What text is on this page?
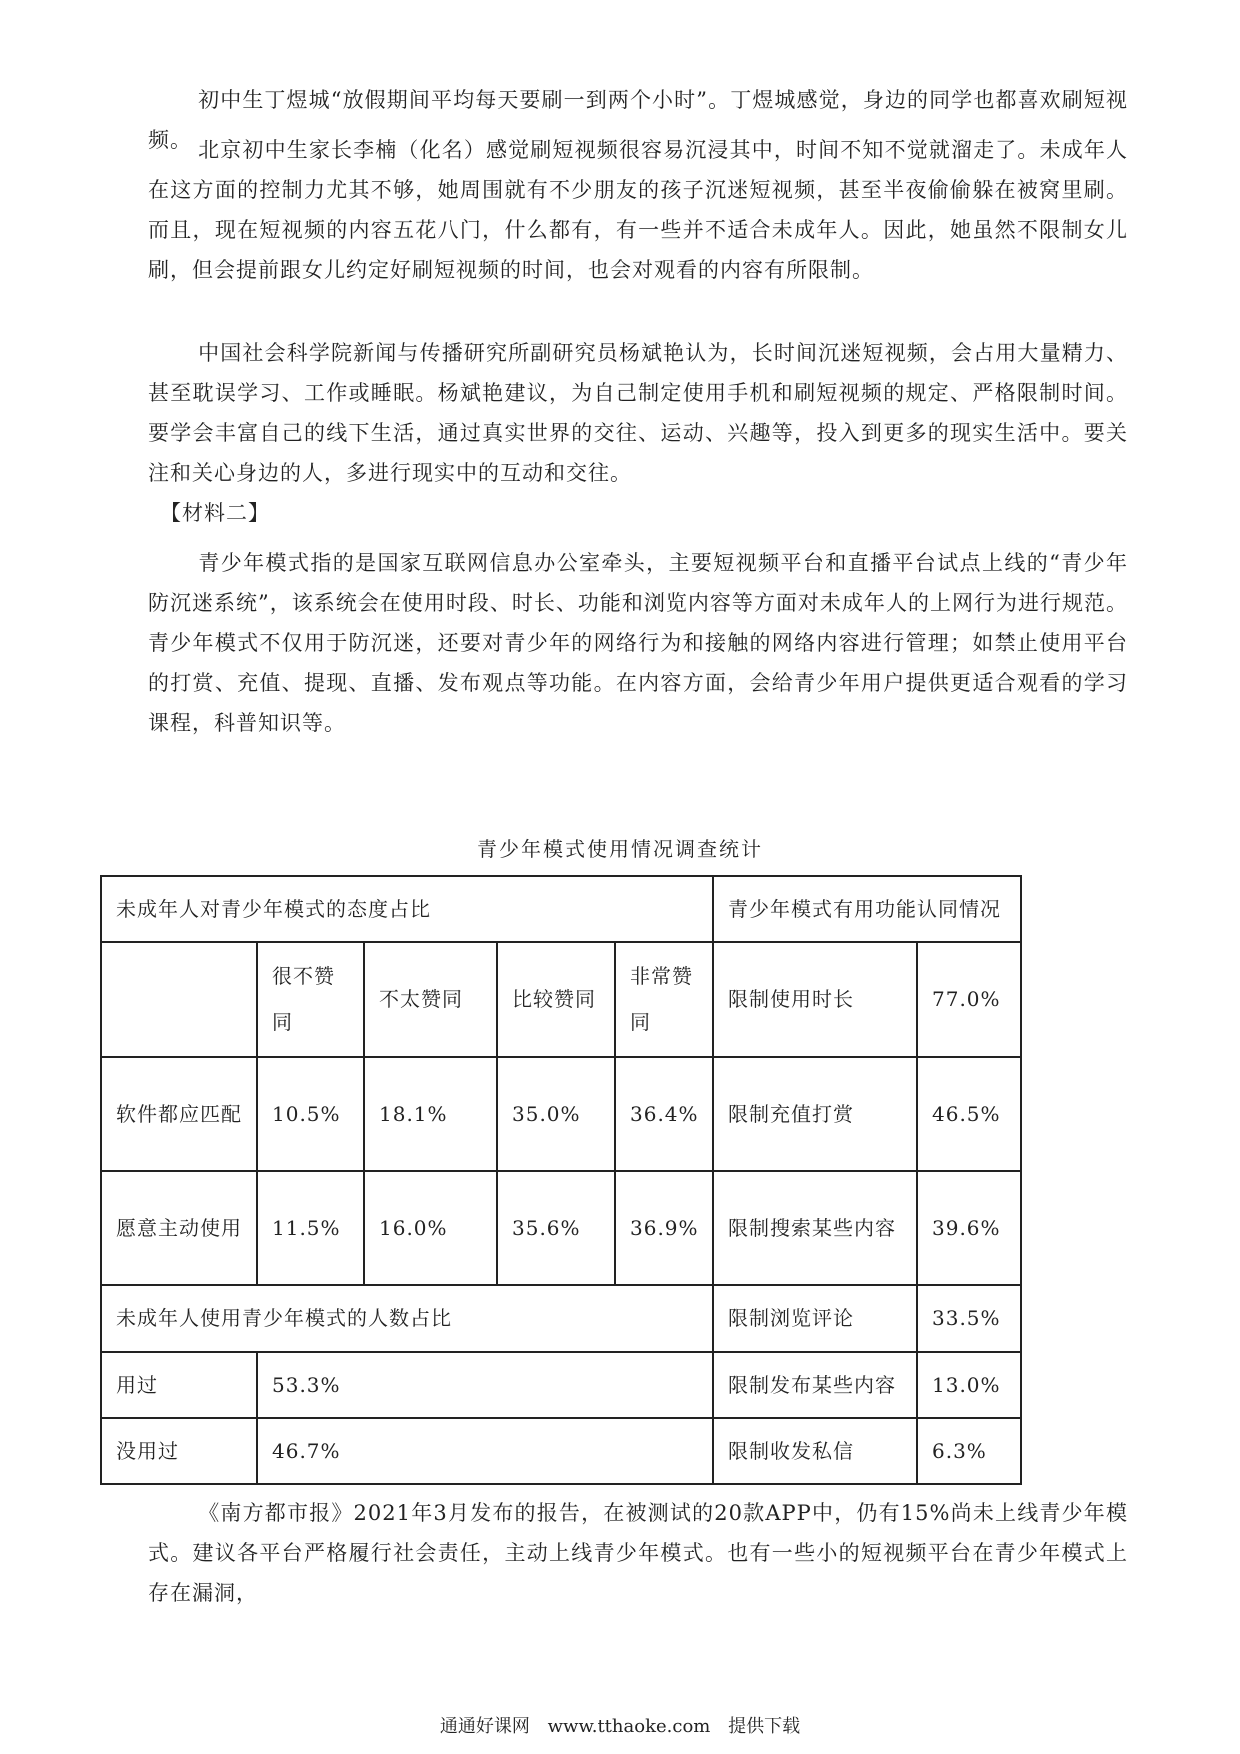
初中生丁煜城“放假期间平均每天要刷一到两个小时”。丁煜城感觉，身边的同学也都喜欢刷短视频。 北京初中生家长李楠（化名）感觉刷短视频很容易沉浸其中，时间不知不觉就溜走了。未成年人在这方面的控制力尤其不够，她周围就有不少朋友的孩子沉迷短视频，甚至半夜偷偷躲在被窝里刷。而且，现在短视频的内容五花八门，什么都有，有一些并不适合未成年人。因此，她虽然不限制女儿刷，但会提前跟女儿约定好刷短视频的时间，也会对观看的内容有所限制。

中国社会科学院新闻与传播研究所副研究员杨斌艳认为，长时间沉迷短视频，会占用大量精力、甚至耽误学习、工作或睡眠。杨斌艳建议，为自己制定使用手机和刷短视频的规定、严格限制时间。要学会丰富自己的线下生活，通过真实世界的交往、运动、兴趣等，投入到更多的现实生活中。要关注和关心身边的人，多进行现实中的互动和交往。

【材料二】

青少年模式指的是国家互联网信息办公室牵头，主要短视频平台和直播平台试点上线的“青少年防沉迷系统”，该系统会在使用时段、时长、功能和浏览内容等方面对未成年人的上网行为进行规范。青少年模式不仅用于防沉迷，还要对青少年的网络行为和接触的网络内容进行管理；如禁止使用平台的打赏、充值、提现、直播、发布观点等功能。在内容方面，会给青少年用户提供更适合观看的学习课程，科普知识等。

青少年模式使用情况调查统计
未成年人对青少年模式的态度占比					青少年模式有用功能认同情况	
	很不赞同	不太赞同	比较赞同	非常赞同	限制使用时长	77.0%
软件都应匹配	10.5%	18.1%	35.0%	36.4%	限制充值打赏	46.5%
愿意主动使用	11.5%	16.0%	35.6%	36.9%	限制搜索某些内容	39.6%
未成年人使用青少年模式的人数占比					限制浏览评论	33.5%
用过	53.3%				限制发布某些内容	13.0%
没用过	46.7%				限制收发私信	6.3%

《南方都市报》2021年3月发布的报告，在被测试的20款APP中，仍有15%尚未上线青少年模式。建议各平台严格履行社会责任，主动上线青少年模式。也有一些小的短视频平台在青少年模式上存在漏洞，

通通好课网 www.tthaoke.com 提供下载
